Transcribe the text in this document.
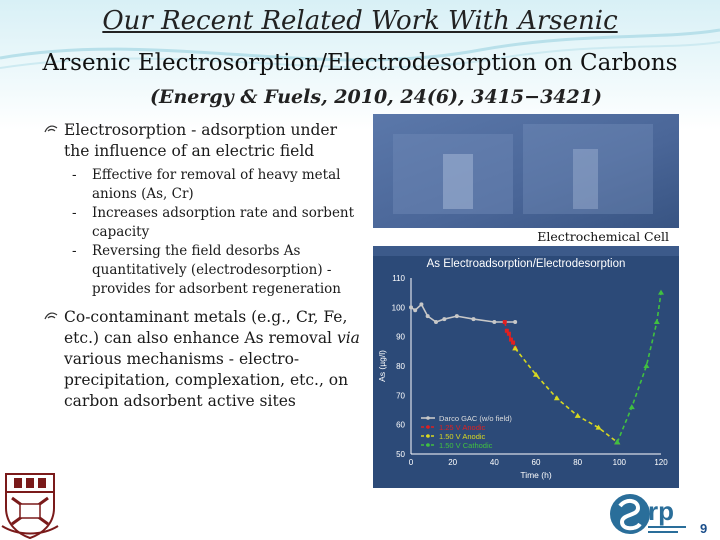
Our Recent Related Work With Arsenic
Arsenic Electrosorption/Electrodesorption on Carbons
(Energy & Fuels, 2010, 24(6), 3415−3421)
Electrosorption - adsorption under the influence of an electric field
- Effective for removal of heavy metal anions (As, Cr)
- Increases adsorption rate and sorbent capacity
- Reversing the field desorbs As quantitatively (electrodesorption) - provides for adsorbent regeneration
Co-contaminant metals (e.g., Cr, Fe, etc.) can also enhance As removal via various mechanisms - electro-precipitation, complexation, etc., on carbon adsorbent active sites
Electrochemical Cell
As Electroadsorption/Electrodesorption
50
60
70
80
90
100
110
0	20	40	60	80	100	120
Time (h)
As (µg/l)
Darco GAC (w/o field)
1.25 V Anodic
1.50 V Anodic
1.50 V Cathodic
rp
9
